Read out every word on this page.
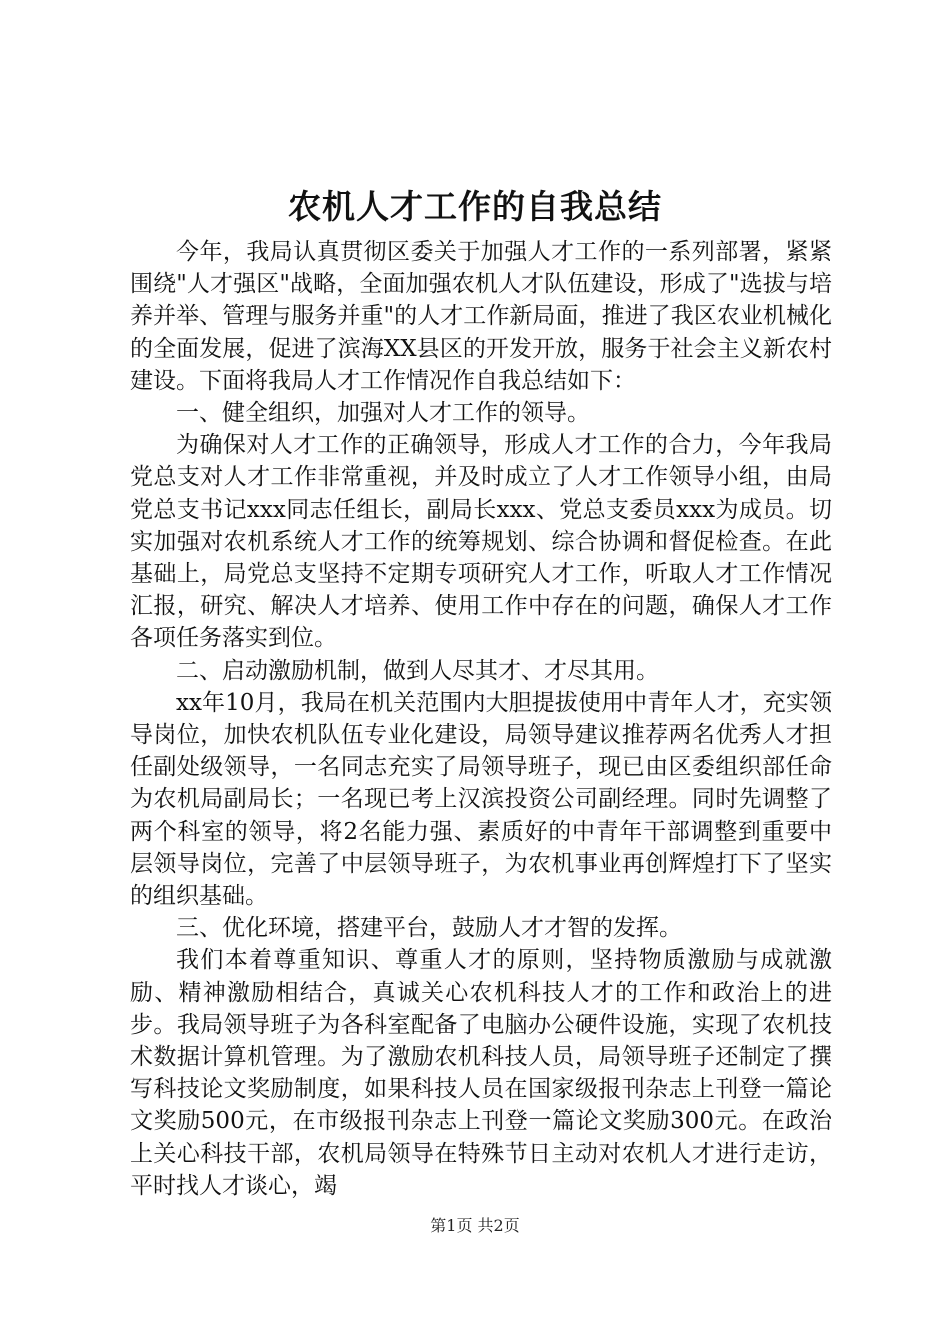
农机人才工作的自我总结

今年，我局认真贯彻区委关于加强人才工作的一系列部署，紧紧围绕"人才强区"战略，全面加强农机人才队伍建设，形成了"选拔与培养并举、管理与服务并重"的人才工作新局面，推进了我区农业机械化的全面发展，促进了滨海XX县区的开发开放，服务于社会主义新农村建设。下面将我局人才工作情况作自我总结如下：

一、健全组织，加强对人才工作的领导。

为确保对人才工作的正确领导，形成人才工作的合力，今年我局党总支对人才工作非常重视，并及时成立了人才工作领导小组，由局党总支书记xxx同志任组长，副局长xxx、党总支委员xxx为成员。切实加强对农机系统人才工作的统筹规划、综合协调和督促检查。在此基础上，局党总支坚持不定期专项研究人才工作，听取人才工作情况汇报，研究、解决人才培养、使用工作中存在的问题，确保人才工作各项任务落实到位。

二、启动激励机制，做到人尽其才、才尽其用。

xx年10月，我局在机关范围内大胆提拔使用中青年人才，充实领导岗位，加快农机队伍专业化建设，局领导建议推荐两名优秀人才担任副处级领导，一名同志充实了局领导班子，现已由区委组织部任命为农机局副局长；一名现已考上汉滨投资公司副经理。同时先调整了两个科室的领导，将2名能力强、素质好的中青年干部调整到重要中层领导岗位，完善了中层领导班子，为农机事业再创辉煌打下了坚实的组织基础。

三、优化环境，搭建平台，鼓励人才才智的发挥。

我们本着尊重知识、尊重人才的原则，坚持物质激励与成就激励、精神激励相结合，真诚关心农机科技人才的工作和政治上的进步。我局领导班子为各科室配备了电脑办公硬件设施，实现了农机技术数据计算机管理。为了激励农机科技人员，局领导班子还制定了撰写科技论文奖励制度，如果科技人员在国家级报刊杂志上刊登一篇论文奖励500元，在市级报刊杂志上刊登一篇论文奖励300元。在政治上关心科技干部，农机局领导在特殊节日主动对农机人才进行走访，平时找人才谈心，竭

第1页 共2页
